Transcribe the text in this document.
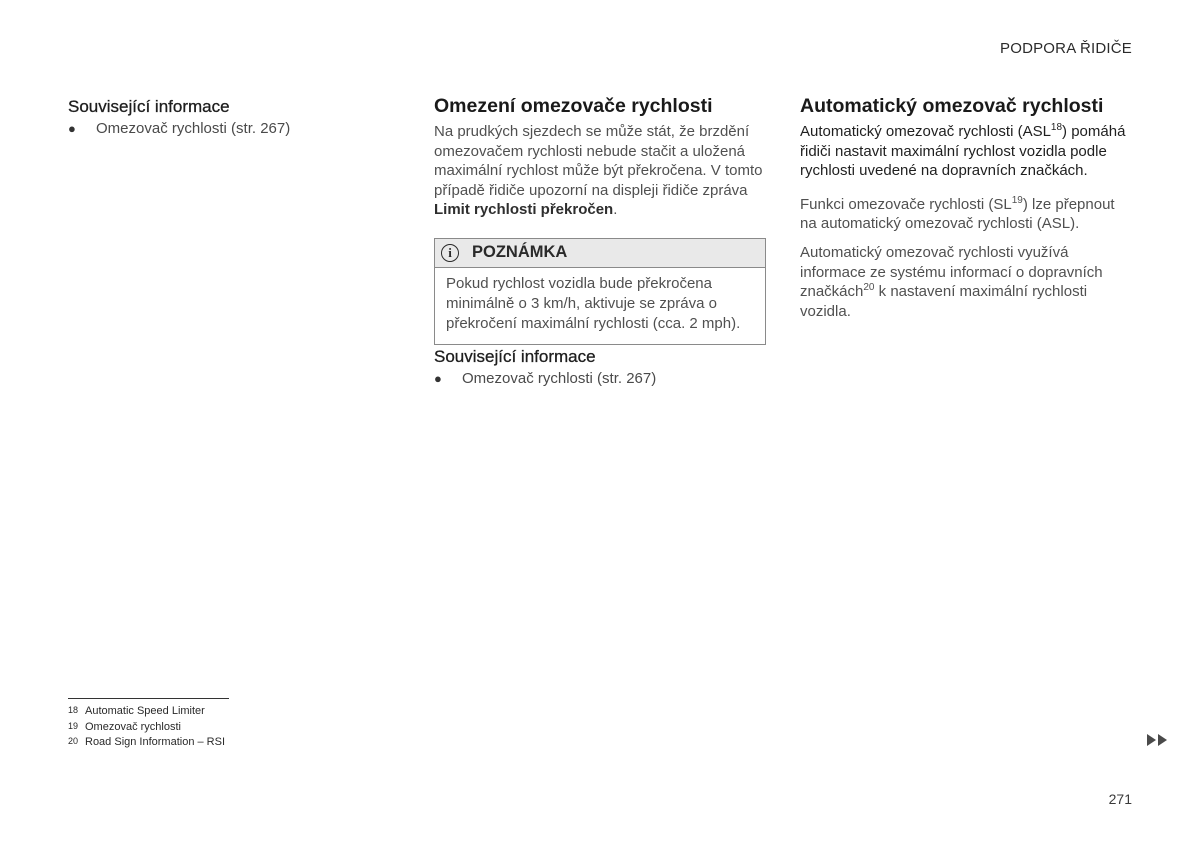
PODPORA ŘIDIČE
Související informace
● Omezovač rychlosti (str. 267)
Omezení omezovače rychlosti

Na prudkých sjezdech se může stát, že brzdění omezovačem rychlosti nebude stačit a uložená maximální rychlost může být překročena. V tomto případě řidiče upozorní na displeji řidiče zpráva Limit rychlosti překročen.

i	POZNÁMKA
Pokud rychlost vozidla bude překročena minimálně o 3 km/h, aktivuje se zpráva o překročení maximální rychlosti (cca. 2 mph).
Související informace
● Omezovač rychlosti (str. 267)
Automatický omezovač rychlosti

Automatický omezovač rychlosti (ASL$^{18}$) pomáhá řidiči nastavit maximální rychlost vozidla podle rychlosti uvedené na dopravních značkách.

Funkci omezovače rychlosti (SL$^{19}$) lze přepnout na automatický omezovač rychlosti (ASL).

Automatický omezovač rychlosti využívá informace ze systému informací o dopravních značkách$^{20}$ k nastavení maximální rychlosti vozidla.

18 Automatic Speed Limiter
19 Omezovač rychlosti
20 Road Sign Information – RSI
271
